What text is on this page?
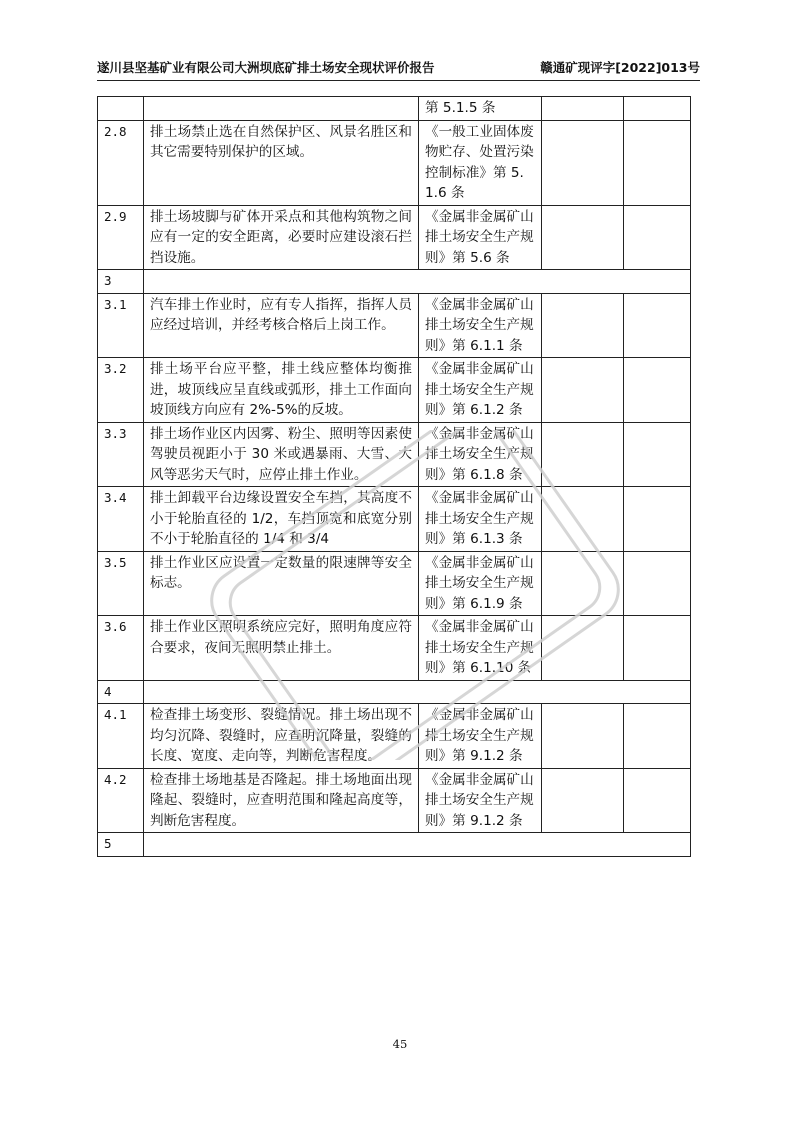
遂川县坚基矿业有限公司大洲坝底矿排土场安全现状评价报告	赣通矿现评字[2022]013号
		第 5.1.5 条		
2.8	排土场禁止选在自然保护区、风景名胜区和其它需要特别保护的区域。	《一般工业固体废物贮存、处置污染控制标准》第 5.1.6 条		
2.9	排土场坡脚与矿体开采点和其他构筑物之间应有一定的安全距离，必要时应建设滚石拦挡设施。	《金属非金属矿山排土场安全生产规则》第 5.6 条		
3				
3.1	汽车排土作业时，应有专人指挥，指挥人员应经过培训，并经考核合格后上岗工作。	《金属非金属矿山排土场安全生产规则》第 6.1.1 条		
3.2	排土场平台应平整，排土线应整体均衡推进，坡顶线应呈直线或弧形，排土工作面向坡顶线方向应有 2%-5%的反坡。	《金属非金属矿山排土场安全生产规则》第 6.1.2 条		
3.3	排土场作业区内因雾、粉尘、照明等因素使驾驶员视距小于 30 米或遇暴雨、大雪、大风等恶劣天气时，应停止排土作业。	《金属非金属矿山排土场安全生产规则》第 6.1.8 条		
3.4	排土卸载平台边缘设置安全车挡，其高度不小于轮胎直径的 1/2，车挡顶宽和底宽分别不小于轮胎直径的 1/4 和 3/4	《金属非金属矿山排土场安全生产规则》第 6.1.3 条		
3.5	排土作业区应设置一定数量的限速牌等安全标志。	《金属非金属矿山排土场安全生产规则》第 6.1.9 条		
3.6	排土作业区照明系统应完好，照明角度应符合要求，夜间无照明禁止排土。	《金属非金属矿山排土场安全生产规则》第 6.1.10 条		
4				
4.1	检查排土场变形、裂缝情况。排土场出现不均匀沉降、裂缝时，应查明沉降量，裂缝的长度、宽度、走向等，判断危害程度。	《金属非金属矿山排土场安全生产规则》第 9.1.2 条		
4.2	检查排土场地基是否隆起。排土场地面出现隆起、裂缝时，应查明范围和隆起高度等，判断危害程度。	《金属非金属矿山排土场安全生产规则》第 9.1.2 条		
5				
45
